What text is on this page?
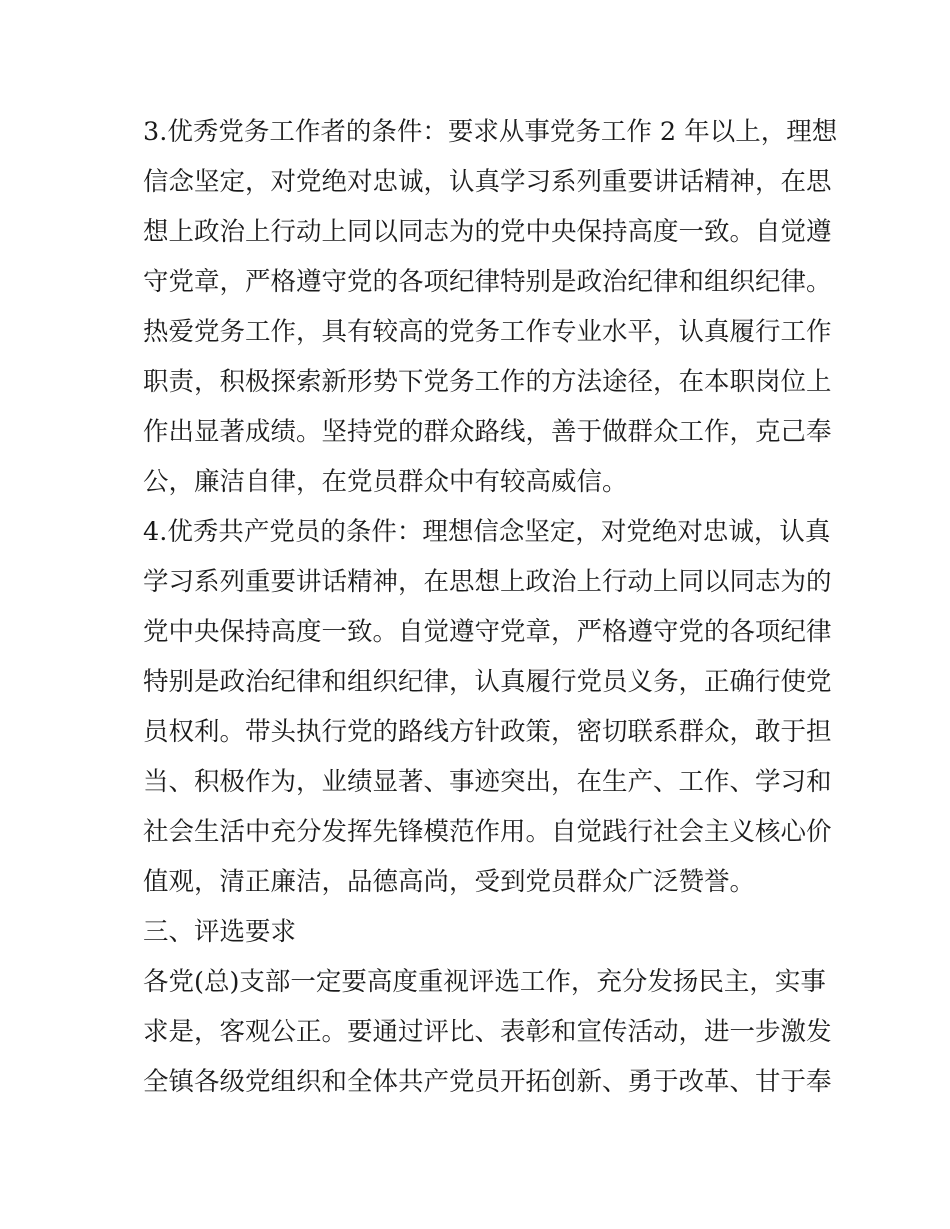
3.优秀党务工作者的条件：要求从事党务工作 2 年以上，理想
信念坚定，对党绝对忠诚，认真学习系列重要讲话精神，在思
想上政治上行动上同以同志为的党中央保持高度一致。自觉遵
守党章，严格遵守党的各项纪律特别是政治纪律和组织纪律。
热爱党务工作，具有较高的党务工作专业水平，认真履行工作
职责，积极探索新形势下党务工作的方法途径，在本职岗位上
作出显著成绩。坚持党的群众路线，善于做群众工作，克己奉
公，廉洁自律，在党员群众中有较高威信。
4.优秀共产党员的条件：理想信念坚定，对党绝对忠诚，认真
学习系列重要讲话精神，在思想上政治上行动上同以同志为的
党中央保持高度一致。自觉遵守党章，严格遵守党的各项纪律
特别是政治纪律和组织纪律，认真履行党员义务，正确行使党
员权利。带头执行党的路线方针政策，密切联系群众，敢于担
当、积极作为，业绩显著、事迹突出，在生产、工作、学习和
社会生活中充分发挥先锋模范作用。自觉践行社会主义核心价
值观，清正廉洁，品德高尚，受到党员群众广泛赞誉。
三、评选要求
各党(总)支部一定要高度重视评选工作，充分发扬民主，实事
求是，客观公正。要通过评比、表彰和宣传活动，进一步激发
全镇各级党组织和全体共产党员开拓创新、勇于改革、甘于奉
